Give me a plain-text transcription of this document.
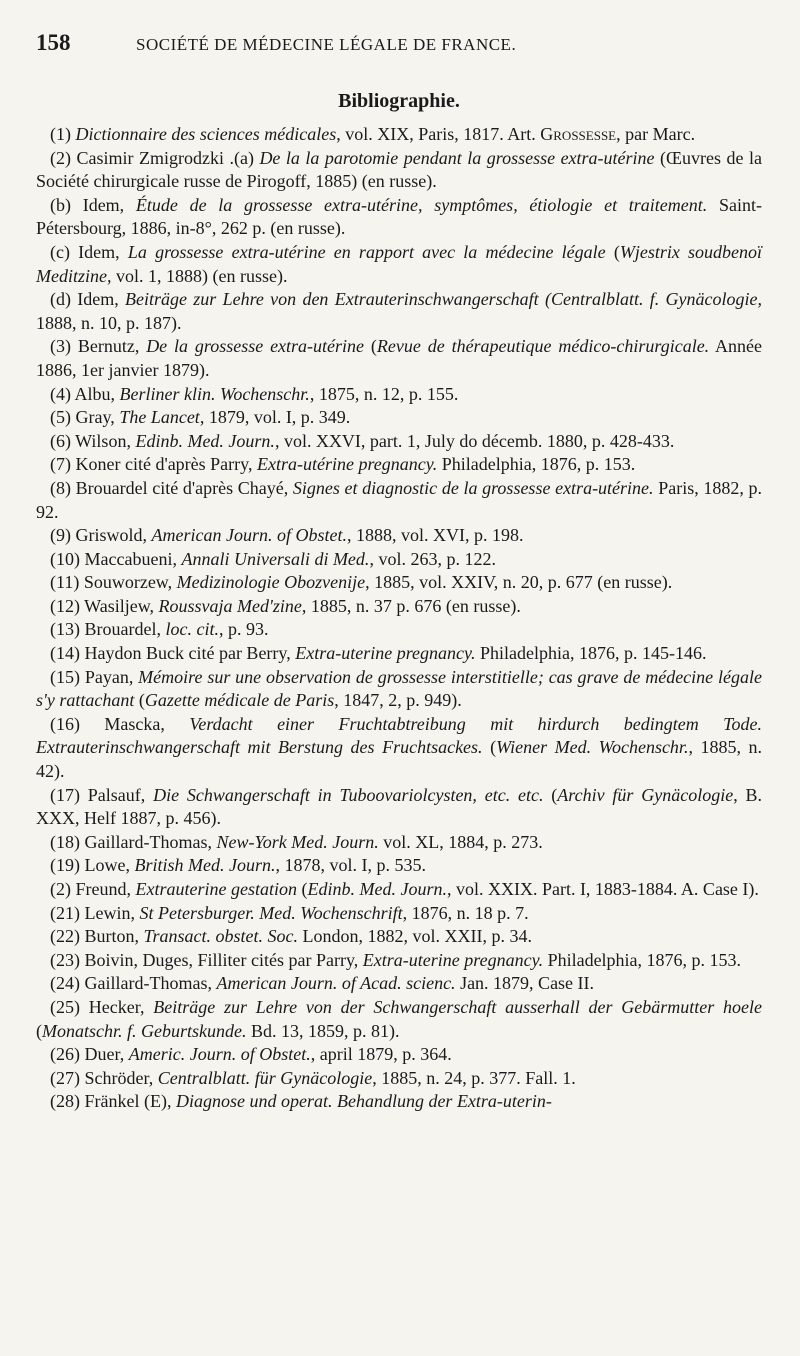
158	SOCIÉTÉ DE MÉDECINE LÉGALE DE FRANCE.
Bibliographie.

(1) Dictionnaire des sciences médicales, vol. XIX, Paris, 1817. Art. Grossesse, par Marc.

(2) Casimir Zmigrodzki .(a) De la la parotomie pendant la grossesse extra-utérine (Œuvres de la Société chirurgicale russe de Pirogoff, 1885) (en russe).

(b) Idem, Étude de la grossesse extra-utérine, symptômes, étiologie et traitement. Saint-Pétersbourg, 1886, in-8°, 262 p. (en russe).

(c) Idem, La grossesse extra-utérine en rapport avec la médecine légale (Wjestrix soudbenoï Meditzine, vol. 1, 1888) (en russe).

(d) Idem, Beiträge zur Lehre von den Extrauterinschwangerschaft (Centralblatt. f. Gynäcologie, 1888, n. 10, p. 187).

(3) Bernutz, De la grossesse extra-utérine (Revue de thérapeutique médico-chirurgicale. Année 1886, 1er janvier 1879).

(4) Albu, Berliner klin. Wochenschr., 1875, n. 12, p. 155.

(5) Gray, The Lancet, 1879, vol. I, p. 349.

(6) Wilson, Edinb. Med. Journ., vol. XXVI, part. 1, July do décemb. 1880, p. 428-433.

(7) Koner cité d'après Parry, Extra-utérine pregnancy. Philadelphia, 1876, p. 153.

(8) Brouardel cité d'après Chayé, Signes et diagnostic de la grossesse extra-utérine. Paris, 1882, p. 92.

(9) Griswold, American Journ. of Obstet., 1888, vol. XVI, p. 198.

(10) Maccabueni, Annali Universali di Med., vol. 263, p. 122.

(11) Souworzew, Medizinologie Obozvenije, 1885, vol. XXIV, n. 20, p. 677 (en russe).

(12) Wasiljew, Roussvaja Med'zine, 1885, n. 37 p. 676 (en russe).

(13) Brouardel, loc. cit., p. 93.

(14) Haydon Buck cité par Berry, Extra-uterine pregnancy. Philadelphia, 1876, p. 145-146.

(15) Payan, Mémoire sur une observation de grossesse interstitielle; cas grave de médecine légale s'y rattachant (Gazette médicale de Paris, 1847, 2, p. 949).

(16) Mascka, Verdacht einer Fruchtabtreibung mit hirdurch bedingtem Tode. Extrauterinschwangerschaft mit Berstung des Fruchtsackes. (Wiener Med. Wochenschr., 1885, n. 42).

(17) Palsauf, Die Schwangerschaft in Tuboovariolcysten, etc. etc. (Archiv für Gynäcologie, B. XXX, Helf 1887, p. 456).

(18) Gaillard-Thomas, New-York Med. Journ. vol. XL, 1884, p. 273.

(19) Lowe, British Med. Journ., 1878, vol. I, p. 535.

(2) Freund, Extrauterine gestation (Edinb. Med. Journ., vol. XXIX. Part. I, 1883-1884. A. Case I).

(21) Lewin, St Petersburger. Med. Wochenschrift, 1876, n. 18 p. 7.

(22) Burton, Transact. obstet. Soc. London, 1882, vol. XXII, p. 34.

(23) Boivin, Duges, Filliter cités par Parry, Extra-uterine pregnancy. Philadelphia, 1876, p. 153.

(24) Gaillard-Thomas, American Journ. of Acad. scienc. Jan. 1879, Case II.

(25) Hecker, Beiträge zur Lehre von der Schwangerschaft ausserhall der Gebärmutter hoele (Monatschr. f. Geburtskunde. Bd. 13, 1859, p. 81).

(26) Duer, Americ. Journ. of Obstet., april 1879, p. 364.

(27) Schröder, Centralblatt. für Gynäcologie, 1885, n. 24, p. 377. Fall. 1.

(28) Fränkel (E), Diagnose und operat. Behandlung der Extra-uterin-
